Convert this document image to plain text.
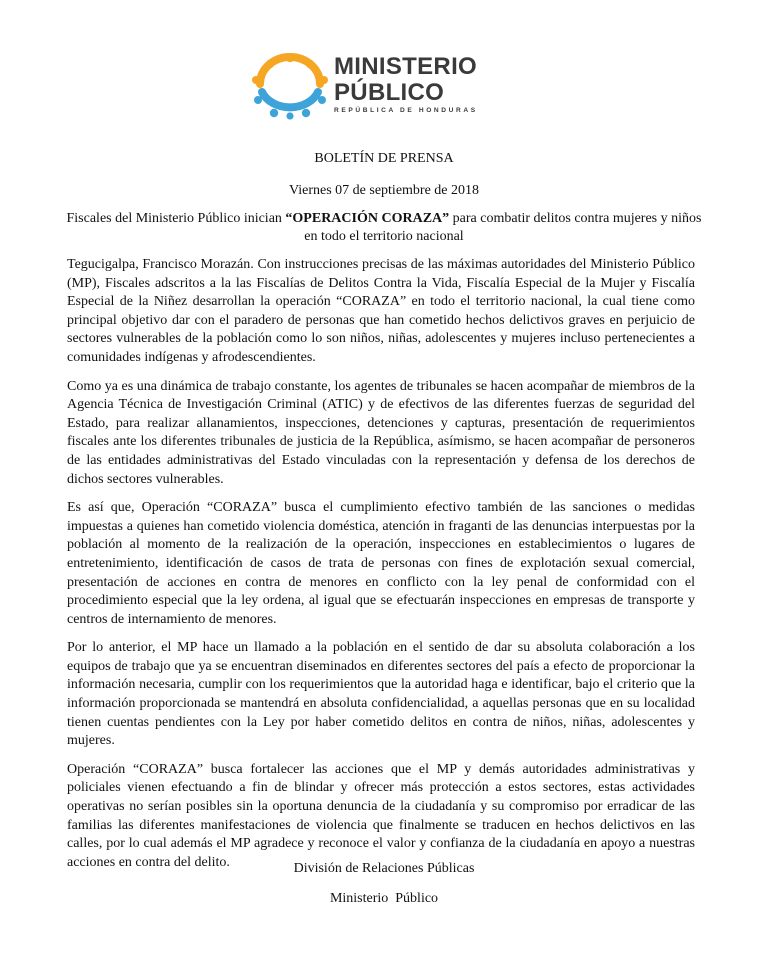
MINISTERIO
PÚBLICO
REPÚBLICA DE HONDURAS
BOLETÍN DE PRENSA
Viernes 07 de septiembre de 2018
Fiscales del Ministerio Público inician “OPERACIÓN CORAZA” para combatir delitos contra mujeres y niños en todo el territorio nacional

Tegucigalpa, Francisco Morazán. Con instrucciones precisas de las máximas autoridades del Ministerio Público (MP), Fiscales adscritos a la las Fiscalías de Delitos Contra la Vida, Fiscalía Especial de la Mujer y Fiscalía Especial de la Niñez desarrollan la operación “CORAZA” en todo el territorio nacional, la cual tiene como principal objetivo dar con el paradero de personas que han cometido hechos delictivos graves en perjuicio de sectores vulnerables de la población como lo son niños, niñas, adolescentes y mujeres incluso pertenecientes a comunidades indígenas y afrodescendientes.

Como ya es una dinámica de trabajo constante, los agentes de tribunales se hacen acompañar de miembros de la Agencia Técnica de Investigación Criminal (ATIC) y de efectivos de las diferentes fuerzas de seguridad del Estado, para realizar allanamientos, inspecciones, detenciones y capturas, presentación de requerimientos fiscales ante los diferentes tribunales de justicia de la República, asímismo, se hacen acompañar de personeros de las entidades administrativas del Estado vinculadas con la representación y defensa de los derechos de dichos sectores vulnerables.

Es así que, Operación “CORAZA” busca el cumplimiento efectivo también de las sanciones o medidas impuestas a quienes han cometido violencia doméstica, atención in fraganti de las denuncias interpuestas por la población al momento de la realización de la operación, inspecciones en establecimientos o lugares de entretenimiento, identificación de casos de trata de personas con fines de explotación sexual comercial, presentación de acciones en contra de menores en conflicto con la ley penal de conformidad con el procedimiento especial que la ley ordena, al igual que se efectuarán inspecciones en empresas de transporte y centros de internamiento de menores.

Por lo anterior, el MP hace un llamado a la población en el sentido de dar su absoluta colaboración a los equipos de trabajo que ya se encuentran diseminados en diferentes sectores del país a efecto de proporcionar la información necesaria, cumplir con los requerimientos que la autoridad haga e identificar, bajo el criterio que la información proporcionada se mantendrá en absoluta confidencialidad, a aquellas personas que en su localidad tienen cuentas pendientes con la Ley por haber cometido delitos en contra de niños, niñas, adolescentes y mujeres.

Operación “CORAZA” busca fortalecer las acciones que el MP y demás autoridades administrativas y policiales vienen efectuando a fin de blindar y ofrecer más protección a estos sectores, estas actividades operativas no serían posibles sin la oportuna denuncia de la ciudadanía y su compromiso por erradicar de las familias las diferentes manifestaciones de violencia que finalmente se traducen en hechos delictivos en las calles, por lo cual además el MP agradece y reconoce el valor y confianza de la ciudadanía en apoyo a nuestras acciones en contra del delito.	División de Relaciones Públicas
Ministerio  Público
